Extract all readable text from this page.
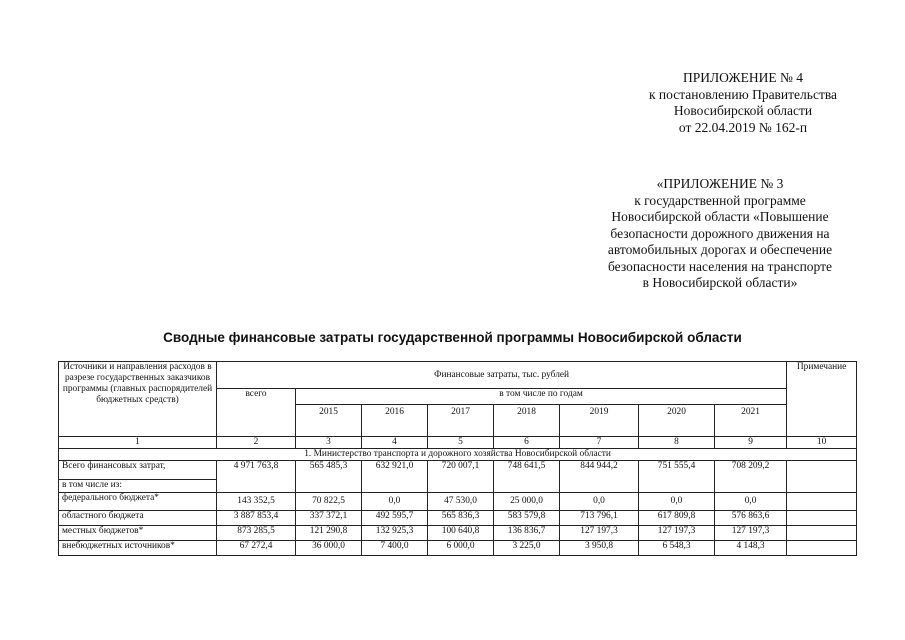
ПРИЛОЖЕНИЕ № 4
к постановлению Правительства
Новосибирской области
от 22.04.2019 № 162-п
«ПРИЛОЖЕНИЕ № 3
к государственной программе
Новосибирской области «Повышение
безопасности дорожного движения на
автомобильных дорогах и обеспечение
безопасности населения на транспорте
в Новосибирской области»
Сводные финансовые затраты государственной программы Новосибирской области
Источники и направления расходов в разрезе государственных заказчиков программы (главных распорядителей бюджетных средств)	Финансовые затраты, тыс. рублей								Примечание
	всего	в том числе по годам							
		2015	2016	2017	2018	2019	2020	2021	
1	2	3	4	5	6	7	8	9	10
1. Министерство транспорта и дорожного хозяйства Новосибирской области									
Всего финансовых затрат,	4 971 763,8	565 485,3	632 921,0	720 007,1	748 641,5	844 944,2	751 555,4	708 209,2	
в том числе из:									
федерального бюджета*	143 352,5	70 822,5	0,0	47 530,0	25 000,0	0,0	0,0	0,0	
областного бюджета	3 887 853,4	337 372,1	492 595,7	565 836,3	583 579,8	713 796,1	617 809,8	576 863,6	
местных бюджетов*	873 285,5	121 290,8	132 925,3	100 640,8	136 836,7	127 197,3	127 197,3	127 197,3	
внебюджетных источников*	67 272,4	36 000,0	7 400,0	6 000,0	3 225,0	3 950,8	6 548,3	4 148,3	
